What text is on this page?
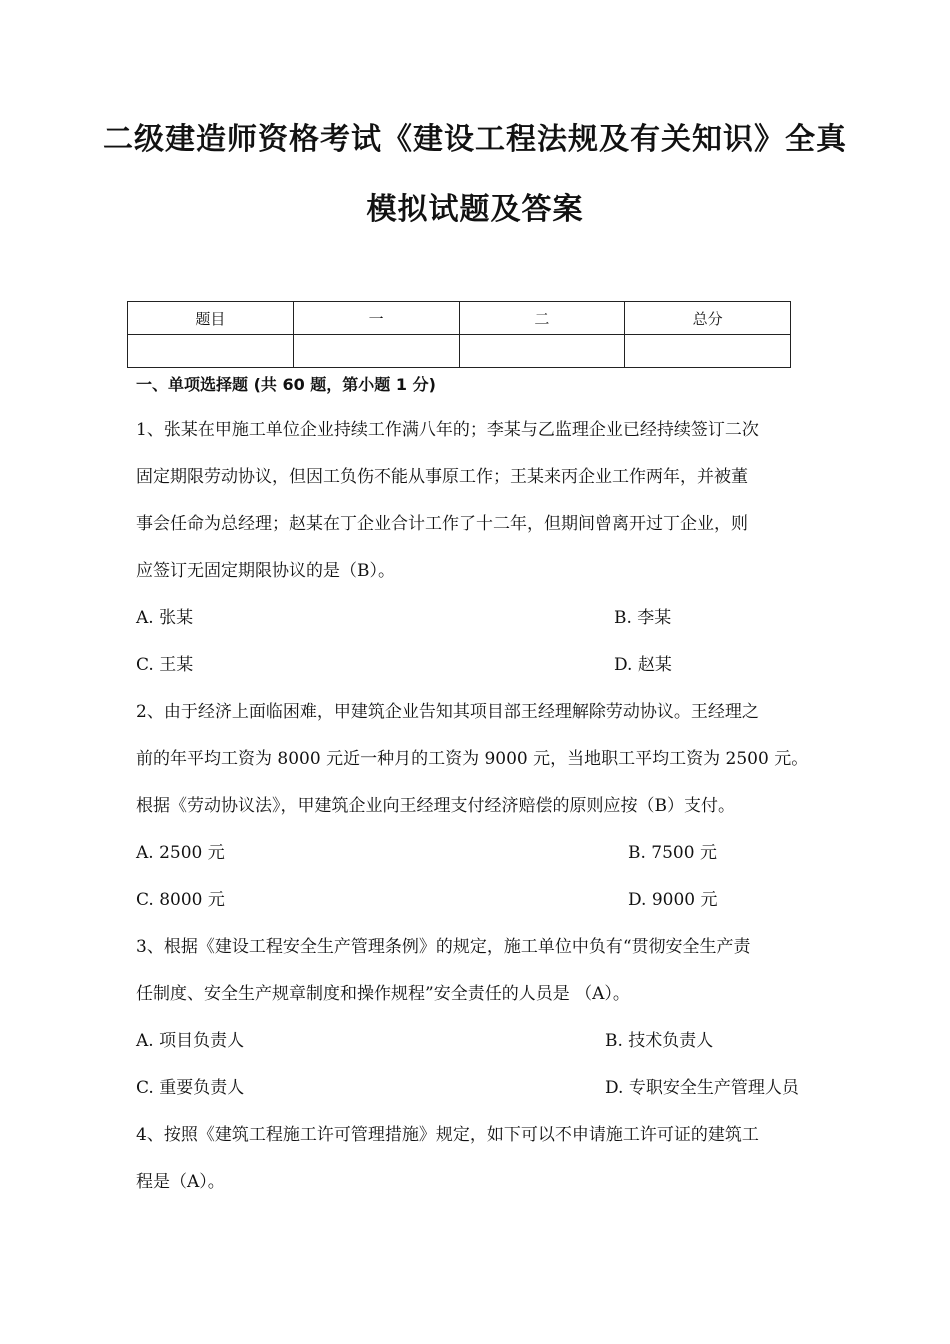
二级建造师资格考试《建设工程法规及有关知识》全真
模拟试题及答案
题目	一	二	总分

一、单项选择题 (共 60 题，第小题 1 分)
1、张某在甲施工单位企业持续工作满八年的；李某与乙监理企业已经持续签订二次
固定期限劳动协议，但因工负伤不能从事原工作；王某来丙企业工作两年，并被董
事会任命为总经理；赵某在丁企业合计工作了十二年，但期间曾离开过丁企业，则
应签订无固定期限协议的是（B）。
A. 张某	B. 李某
C. 王某	D. 赵某
2、由于经济上面临困难，甲建筑企业告知其项目部王经理解除劳动协议。王经理之
前的年平均工资为 8000 元近一种月的工资为 9000 元，当地职工平均工资为 2500 元。
根据《劳动协议法》，甲建筑企业向王经理支付经济赔偿的原则应按（B）支付。
A. 2500 元	B. 7500 元
C. 8000 元	D. 9000 元
3、根据《建设工程安全生产管理条例》的规定，施工单位中负有“贯彻安全生产责
任制度、安全生产规章制度和操作规程”安全责任的人员是 （A）。
A. 项目负责人	B. 技术负责人
C. 重要负责人	D. 专职安全生产管理人员
4、按照《建筑工程施工许可管理措施》规定，如下可以不申请施工许可证的建筑工
程是（A）。
